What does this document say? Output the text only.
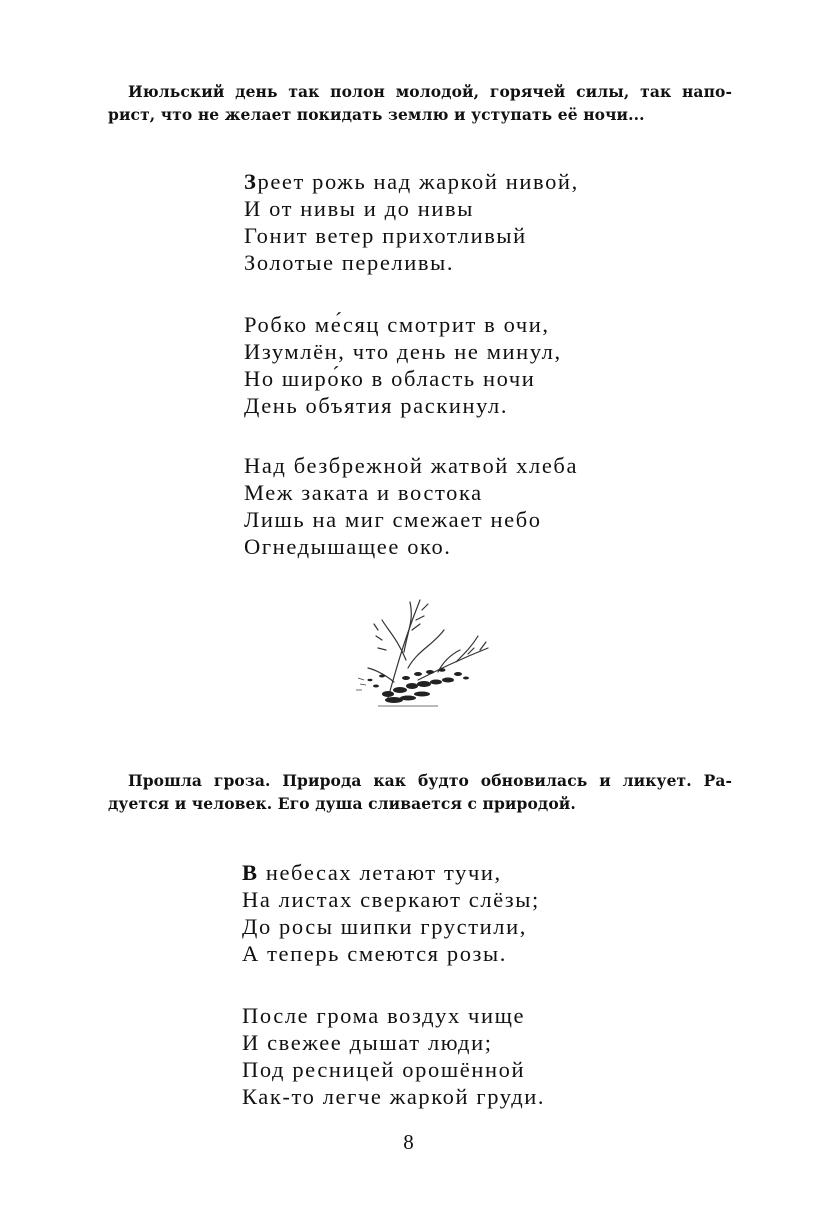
Июльский день так полон молодой, горячей силы, так напо-
рист, что не желает покидать землю и уступать её ночи...

Зреет рожь над жаркой нивой,
И от нивы и до нивы
Гонит ветер прихотливый
Золотые переливы.
Робко ме́сяц смотрит в очи,
Изумлён, что день не минул,
Но широ́ко в область ночи
День объятия раскинул.
Над безбрежной жатвой хлеба
Меж заката и востока
Лишь на миг смежает небо
Огнедышащее око.

Прошла гроза. Природа как будто обновилась и ликует. Ра-
дуется и человек. Его душа сливается с природой.

В небесах летают тучи,
На листах сверкают слёзы;
До росы шипки грустили,
А теперь смеются розы.
После грома воздух чище
И свежее дышат люди;
Под ресницей орошённой
Как-то легче жаркой груди.
8
